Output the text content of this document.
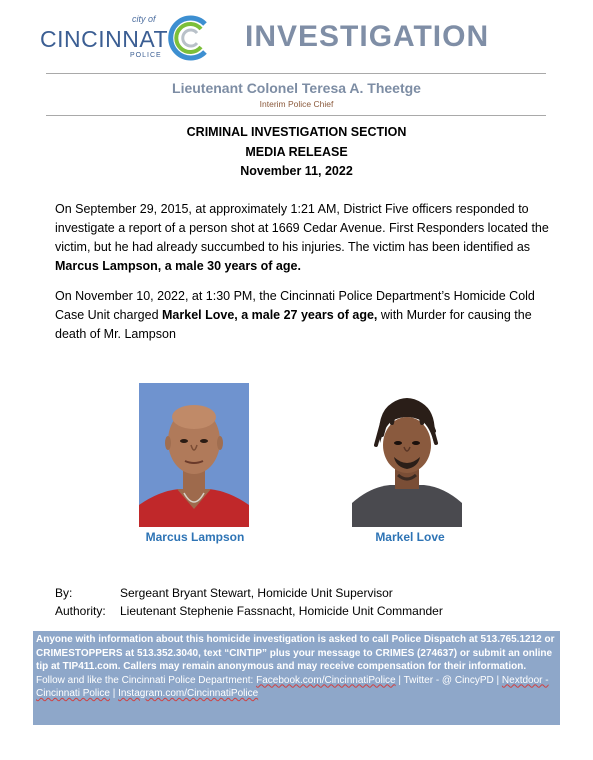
city of
CINCINNATI
POLICE
INVESTIGATION
Lieutenant Colonel Teresa A. Theetge
Interim Police Chief
CRIMINAL INVESTIGATION SECTION
MEDIA RELEASE
November 11, 2022

On September 29, 2015, at approximately 1:21 AM, District Five officers responded to investigate a report of a person shot at 1669 Cedar Avenue. First Responders located the victim, but he had already succumbed to his injuries. The victim has been identified as Marcus Lampson, a male 30 years of age.

On November 10, 2022, at 1:30 PM, the Cincinnati Police Department’s Homicide Cold Case Unit charged Markel Love, a male 27 years of age, with Murder for causing the death of Mr. Lampson

Marcus Lampson	Markel Love
By:	Sergeant Bryant Stewart, Homicide Unit Supervisor
Authority:	Lieutenant Stephenie Fassnacht, Homicide Unit Commander
Anyone with information about this homicide investigation is asked to call Police Dispatch at 513.765.1212 or CRIMESTOPPERS at 513.352.3040, text “CINTIP” plus your message to CRIMES (274637) or submit an online tip at TIP411.com. Callers may remain anonymous and may receive compensation for their information.
Follow and like the Cincinnati Police Department: Facebook.com/CincinnatiPolice | Twitter - @ CincyPD | Nextdoor - Cincinnati Police | Instagram.com/CincinnatiPolice
